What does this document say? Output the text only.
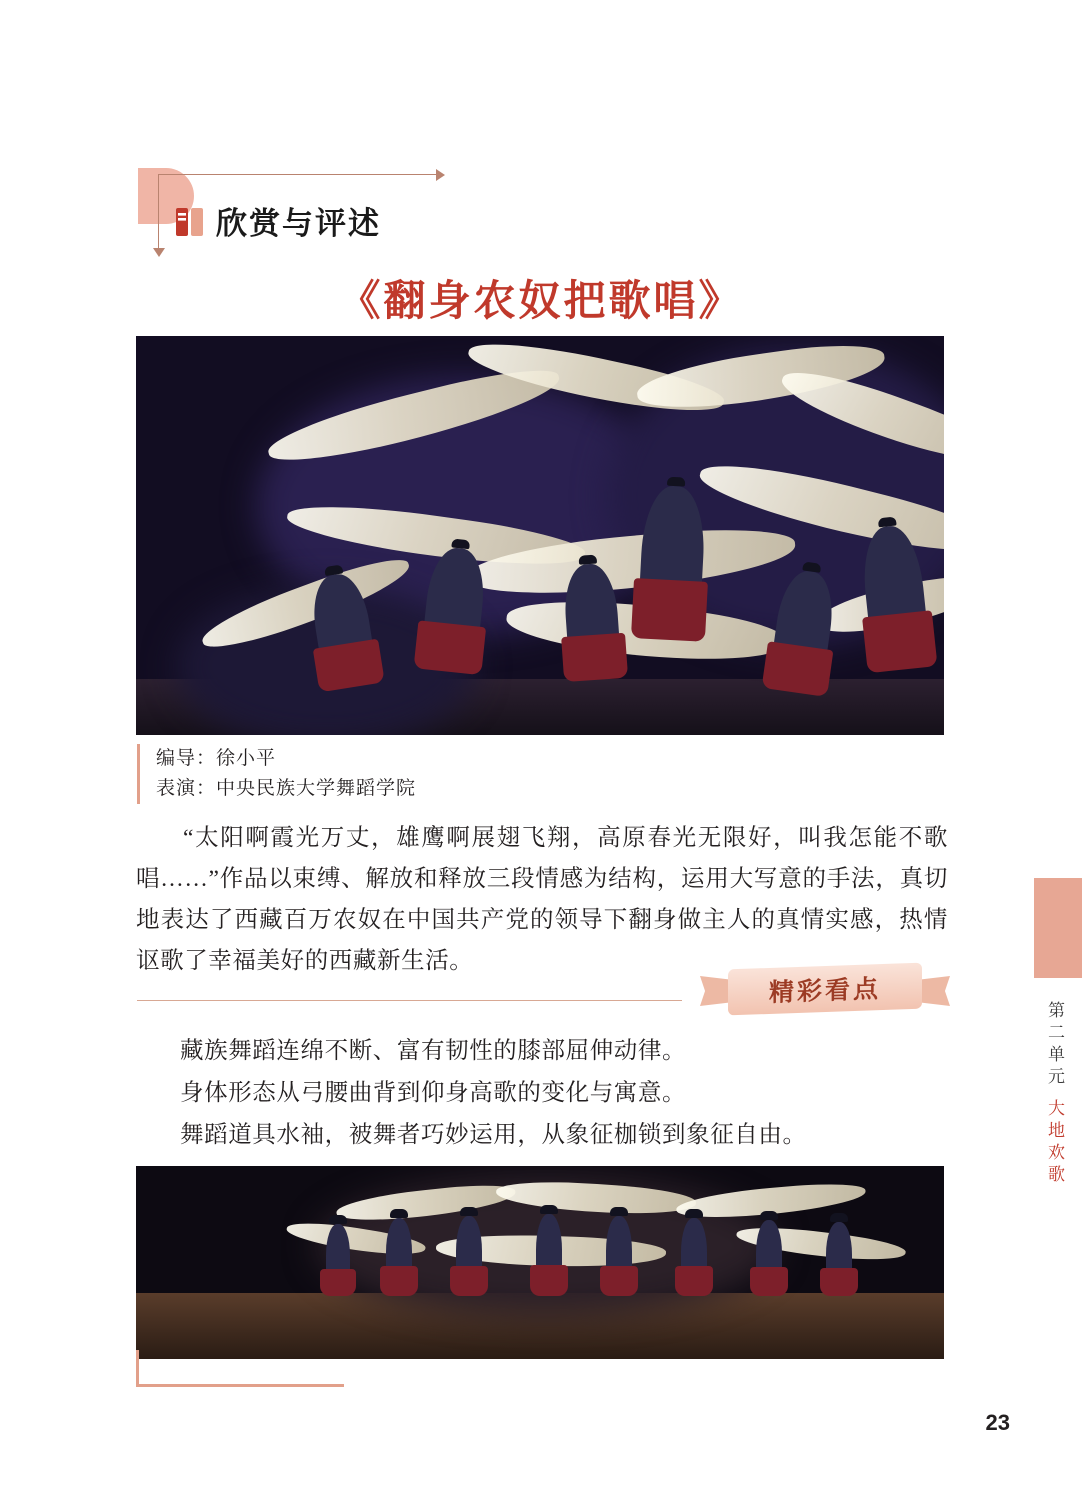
欣赏与评述
《翻身农奴把歌唱》
编导：徐小平
表演：中央民族大学舞蹈学院
“太阳啊霞光万丈，雄鹰啊展翅飞翔，高原春光无限好，叫我怎能不歌唱……”作品以束缚、解放和释放三段情感为结构，运用大写意的手法，真切地表达了西藏百万农奴在中国共产党的领导下翻身做主人的真情实感，热情讴歌了幸福美好的西藏新生活。
精彩看点
藏族舞蹈连绵不断、富有韧性的膝部屈伸动律。
身体形态从弓腰曲背到仰身高歌的变化与寓意。
舞蹈道具水袖，被舞者巧妙运用，从象征枷锁到象征自由。
第二单元
大地欢歌
23
